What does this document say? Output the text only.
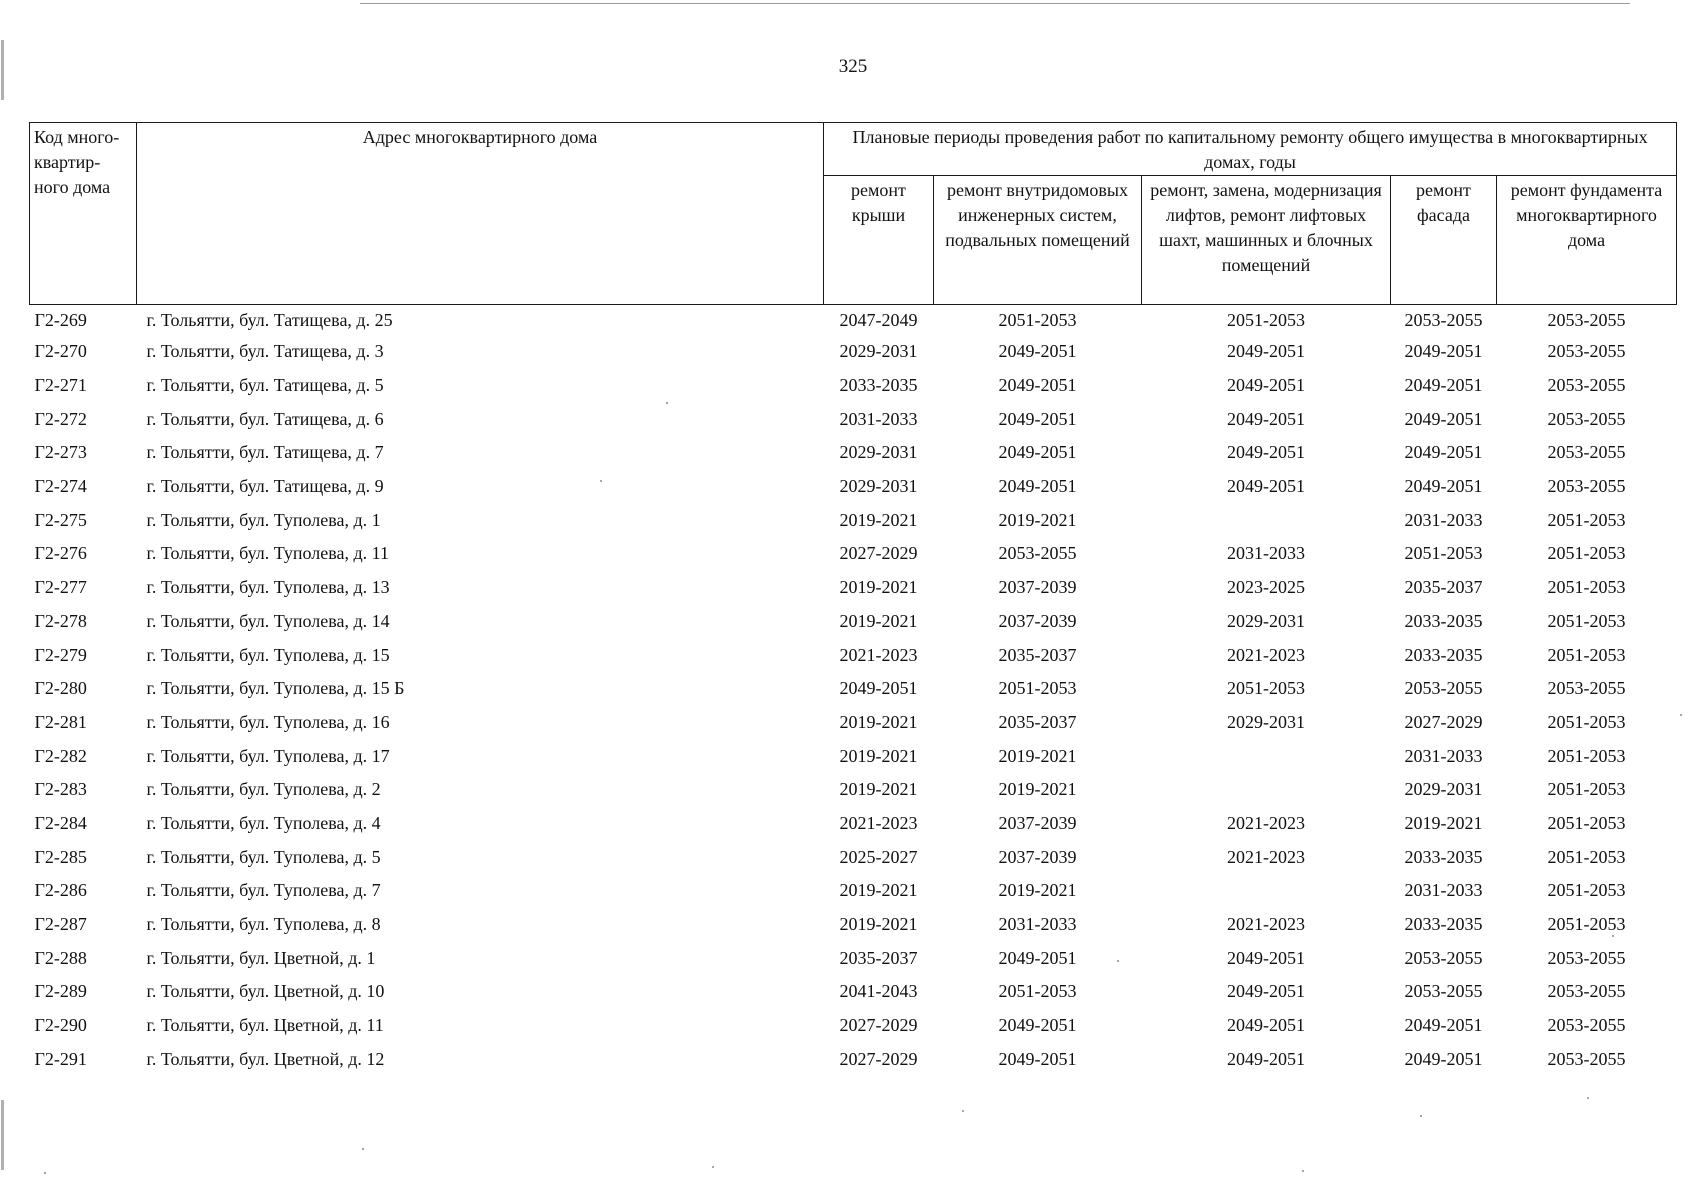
325
Код много-квартир-ного дома	Адрес многоквартирного дома	Плановые периоды проведения работ по капитальному ремонту общего имущества в многоквартирных домах, годы				
		ремонт крыши	ремонт внутридомовых инженерных систем, подвальных помещений	ремонт, замена, модернизация лифтов, ремонт лифтовых шахт, машинных и блочных помещений	ремонт фасада	ремонт фундамента многоквартирного дома
Г2-269	г. Тольятти, бул. Татищева, д. 25	2047-2049	2051-2053	2051-2053	2053-2055	2053-2055
Г2-270	г. Тольятти, бул. Татищева, д. 3	2029-2031	2049-2051	2049-2051	2049-2051	2053-2055
Г2-271	г. Тольятти, бул. Татищева, д. 5	2033-2035	2049-2051	2049-2051	2049-2051	2053-2055
Г2-272	г. Тольятти, бул. Татищева, д. 6	2031-2033	2049-2051	2049-2051	2049-2051	2053-2055
Г2-273	г. Тольятти, бул. Татищева, д. 7	2029-2031	2049-2051	2049-2051	2049-2051	2053-2055
Г2-274	г. Тольятти, бул. Татищева, д. 9	2029-2031	2049-2051	2049-2051	2049-2051	2053-2055
Г2-275	г. Тольятти, бул. Туполева, д. 1	2019-2021	2019-2021		2031-2033	2051-2053
Г2-276	г. Тольятти, бул. Туполева, д. 11	2027-2029	2053-2055	2031-2033	2051-2053	2051-2053
Г2-277	г. Тольятти, бул. Туполева, д. 13	2019-2021	2037-2039	2023-2025	2035-2037	2051-2053
Г2-278	г. Тольятти, бул. Туполева, д. 14	2019-2021	2037-2039	2029-2031	2033-2035	2051-2053
Г2-279	г. Тольятти, бул. Туполева, д. 15	2021-2023	2035-2037	2021-2023	2033-2035	2051-2053
Г2-280	г. Тольятти, бул. Туполева, д. 15 Б	2049-2051	2051-2053	2051-2053	2053-2055	2053-2055
Г2-281	г. Тольятти, бул. Туполева, д. 16	2019-2021	2035-2037	2029-2031	2027-2029	2051-2053
Г2-282	г. Тольятти, бул. Туполева, д. 17	2019-2021	2019-2021		2031-2033	2051-2053
Г2-283	г. Тольятти, бул. Туполева, д. 2	2019-2021	2019-2021		2029-2031	2051-2053
Г2-284	г. Тольятти, бул. Туполева, д. 4	2021-2023	2037-2039	2021-2023	2019-2021	2051-2053
Г2-285	г. Тольятти, бул. Туполева, д. 5	2025-2027	2037-2039	2021-2023	2033-2035	2051-2053
Г2-286	г. Тольятти, бул. Туполева, д. 7	2019-2021	2019-2021		2031-2033	2051-2053
Г2-287	г. Тольятти, бул. Туполева, д. 8	2019-2021	2031-2033	2021-2023	2033-2035	2051-2053
Г2-288	г. Тольятти, бул. Цветной, д. 1	2035-2037	2049-2051	2049-2051	2053-2055	2053-2055
Г2-289	г. Тольятти, бул. Цветной, д. 10	2041-2043	2051-2053	2049-2051	2053-2055	2053-2055
Г2-290	г. Тольятти, бул. Цветной, д. 11	2027-2029	2049-2051	2049-2051	2049-2051	2053-2055
Г2-291	г. Тольятти, бул. Цветной, д. 12	2027-2029	2049-2051	2049-2051	2049-2051	2053-2055
